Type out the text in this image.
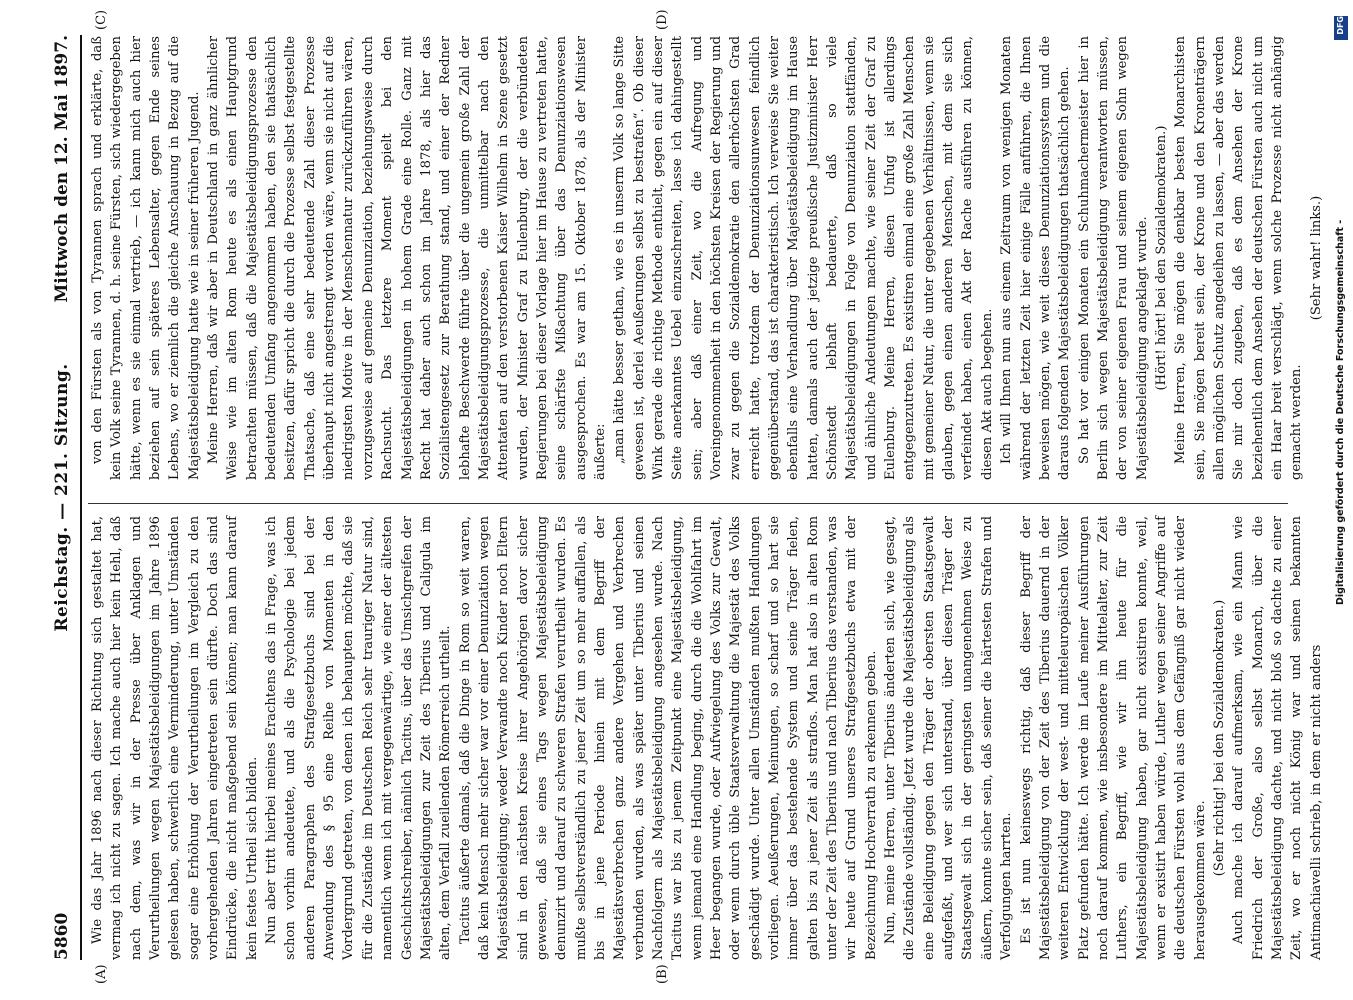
5860
Reichstag. — 221. Sitzung.
Mittwoch den 12. Mai 1897.
(A)	(B)
(C)	(D)

Wie das Jahr 1896 nach dieser Richtung sich gestaltet hat, vermag ich nicht zu sagen. Ich mache auch hier kein Hehl, daß nach dem, was wir in der Presse über Anklagen und Verurtheilungen wegen Majestätsbeleidigungen im Jahre 1896 gelesen haben, schwerlich eine Verminderung, unter Umständen sogar eine Erhöhung der Verurtheilungen im Vergleich zu den vorhergehenden Jahren eingetreten sein dürfte. Doch das sind Eindrücke, die nicht maßgebend sein können; man kann darauf kein festes Urtheil sich bilden. Nun aber tritt hierbei meines Erachtens das in Frage, was ich schon vorhin andeutete, und als die Psychologie bei jedem anderen Paragraphen des Strafgesetzbuchs sind bei der Anwendung des § 95 eine Reihe von Momenten in den Vordergrund getreten, von denen ich behaupten möchte, daß sie für die Zustände im Deutschen Reich sehr trauriger Natur sind, namentlich wenn ich mit vergegenwärtige, wie einer der ältesten Geschichtschreiber, nämlich Tacitus, über das Umsichgreifen der Majestätsbeleidigungen zur Zeit des Tiberius und Caligula im alten, dem Verfall zueilenden Römerreich urtheilt. Tacitus äußerte damals, daß die Dinge in Rom so weit waren, daß kein Mensch mehr sicher war vor einer Denunziation wegen Majestätsbeleidigung; weder Verwandte noch Kinder noch Eltern sind in den nächsten Kreise ihrer Angehörigen davor sicher gewesen, daß sie eines Tags wegen Majestätsbeleidigung denunzirt und darauf zu schweren Strafen verurtheilt wurden. Es mußte selbstverständlich zu jener Zeit um so mehr auffallen, als bis in jene Periode hinein mit dem Begriff der Majestätsverbrechen ganz andere Vergehen und Verbrechen verbunden wurden, als was später unter Tiberius und seinen Nachfolgern als Majestätsbeleidigung angesehen wurde. Nach Tacitus war bis zu jenem Zeitpunkt eine Majestätsbeleidigung, wenn jemand eine Handlung beging, durch die die Wohlfahrt im Heer begangen wurde, oder Aufwiegelung des Volks zur Gewalt, oder wenn durch üble Staatsverwaltung die Majestät des Volks geschädigt wurde. Unter allen Umständen mußten Handlungen vorliegen. Aeußerungen, Meinungen, so scharf und so hart sie immer über das bestehende System und seine Träger fielen, galten bis zu jener Zeit als straflos. Man hat also in alten Rom unter der Zeit des Tiberius und nach Tiberius das verstanden, was wir heute auf Grund unseres Strafgesetzbuchs etwa mit der Bezeichnung Hochverrath zu erkennen geben. Nun, meine Herren, unter Tiberius änderten sich, wie gesagt, die Zustände vollständig. Jetzt wurde die Majestätsbeleidigung als eine Beleidigung gegen den Träger der obersten Staatsgewalt aufgefaßt, und wer sich unterstand, über diesen Träger der Staatsgewalt sich in der geringsten unangenehmen Weise zu äußern, konnte sicher sein, daß seiner die härtesten Strafen und Verfolgungen harrten. Es ist nun keineswegs richtig, daß dieser Begriff der Majestätsbeleidigung von der Zeit des Tiberius dauernd in der weiteren Entwicklung der west- und mitteleuropäischen Völker Platz gefunden hätte. Ich werde im Laufe meiner Ausführungen noch darauf kommen, wie insbesondere im Mittelalter, zur Zeit Luthers, ein Begriff, wie wir ihn heute für die Majestätsbeleidigung haben, gar nicht existiren konnte, weil, wenn er existirt haben würde, Luther wegen seiner Angriffe auf die deutschen Fürsten wohl aus dem Gefängniß gar nicht wieder herausgekommen wäre.

(Sehr richtig! bei den Sozialdemokraten.) Auch mache ich darauf aufmerksam, wie ein Mann wie Friedrich der Große, also selbst Monarch, über die Majestätsbeleidigung dachte, und nicht bloß so dachte zu einer Zeit, wo er noch nicht König war und seinen bekannten Antimachiavelli schrieb, in dem er nicht anders

von den Fürsten als von Tyrannen sprach und erklärte, daß kein Volk seine Tyrannen, d. h. seine Fürsten, sich wiedergegeben hätte, wenn es sie einmal vertrieb, — ich kann mich auch hier beziehen auf sein späteres Lebensalter, gegen Ende seines Lebens, wo er ziemlich die gleiche Anschauung in Bezug auf die Majestätsbeleidigung hatte wie in seiner früheren Jugend. Meine Herren, daß wir aber in Deutschland in ganz ähnlicher Weise wie im alten Rom heute es als einen Hauptgrund betrachten müssen, daß die Majestätsbeleidigungsprozesse den bedeutenden Umfang angenommen haben, den sie thatsächlich besitzen, dafür spricht die durch die Prozesse selbst festgestellte Thatsache, daß eine sehr bedeutende Zahl dieser Prozesse überhaupt nicht angestrengt worden wäre, wenn sie nicht auf die niedrigsten Motive in der Menschennatur zurückzuführen wären, vorzugsweise auf gemeine Denunziation, beziehungsweise durch Rachsucht. Das letztere Moment spielt bei den Majestätsbeleidigungen in hohem Grade eine Rolle. Ganz mit Recht hat daher auch schon im Jahre 1878, als hier das Sozialistengesetz zur Berathung stand, und einer der Redner lebhafte Beschwerde führte über die ungemein große Zahl der Majestätsbeleidigungsprozesse, die unmittelbar nach den Attentaten auf den verstorbenen Kaiser Wilhelm in Szene gesetzt wurden, der Minister Graf zu Eulenburg, der die verbündeten Regierungen bei dieser Vorlage hier im Hause zu vertreten hatte, seine schärfste Mißachtung über das Denunziationswesen ausgesprochen. Es war am 15. Oktober 1878, als der Minister äußerte: „man hätte besser gethan, wie es in unserm Volk so lange Sitte gewesen ist, derlei Aeußerungen selbst zu bestrafen“. Ob dieser Wink gerade die richtige Methode enthielt, gegen ein auf dieser Seite anerkanntes Uebel einzuschreiten, lasse ich dahingestellt sein; aber daß einer Zeit, wo die Aufregung und Voreingenommenheit in den höchsten Kreisen der Regierung und zwar zu gegen die Sozialdemokratie den allerhöchsten Grad erreicht hatte, trotzdem der Denunziationsunwesen feindlich gegenüberstand, das ist charakteristisch. Ich verweise Sie weiter ebenfalls eine Verhandlung über Majestätsbeleidigung im Hause hatten, damals auch der jetzige preußische Justizminister Herr Schönstedt lebhaft bedauerte, daß so viele Majestätsbeleidigungen in Folge von Denunziation stattfänden, und ähnliche Andeutungen machte, wie seiner Zeit der Graf zu Eulenburg. Meine Herren, diesen Unfug ist allerdings entgegenzutreten. Es existiren einmal eine große Zahl Menschen mit gemeiner Natur, die unter gegebenen Verhältnissen, wenn sie glauben, gegen einen anderen Menschen, mit dem sie sich verfeindet haben, einen Akt der Rache ausführen zu können, diesen Akt auch begehen. Ich will Ihnen nun aus einem Zeitraum von wenigen Monaten während der letzten Zeit hier einige Fälle anführen, die Ihnen beweisen mögen, wie weit dieses Denunziationssystem und die daraus folgenden Majestätsbeleidigungen thatsächlich gehen. So hat vor einigen Monaten ein Schuhmachermeister hier in Berlin sich wegen Majestätsbeleidigung verantworten müssen, der von seiner eigenen Frau und seinem eigenen Sohn wegen Majestätsbeleidigung angeklagt wurde. (Hört! hört! bei den Sozialdemokraten.) Meine Herren, Sie mögen die denkbar besten Monarchisten sein, Sie mögen bereit sein, der Krone und den Kronenträgern allen möglichen Schutz angedeihen zu lassen, — aber das werden Sie mir doch zugeben, daß es dem Ansehen der Krone beziehentlich dem Ansehen der deutschen Fürsten auch nicht um ein Haar breit verschlägt, wenn solche Prozesse nicht anhängig gemacht werden.

(Sehr wahr! links.)	Digitalisierung gefördert durch die Deutsche Forschungsgemeinschaft -
DFG
